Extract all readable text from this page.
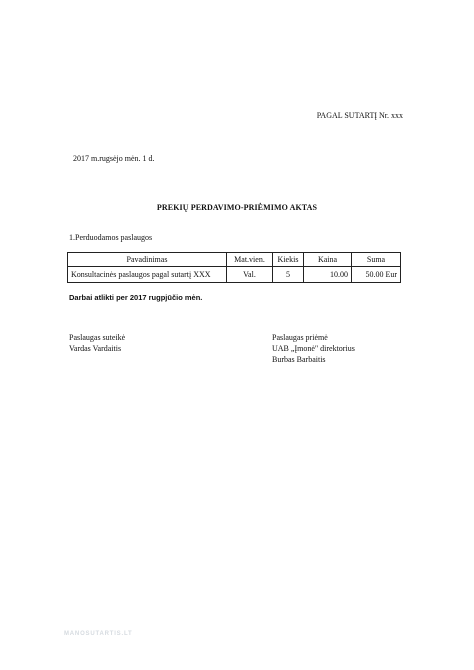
PAGAL SUTARTĮ Nr. xxx
2017 m.rugsėjo mėn. 1 d.
PREKIŲ PERDAVIMO-PRIĖMIMO AKTAS
1.Perduodamos paslaugos
Pavadinimas	Mat.vien.	Kiekis	Kaina	Suma
Konsultacinės paslaugos pagal sutartį XXX	Val.	5	10.00	50.00 Eur
Darbai atlikti per 2017 rugpjūčio mėn.
Paslaugas suteikė
Vardas Vardaitis
Paslaugas priėmė
UAB „Įmonė" direktorius
Burbas Barbaitis
MANOSUTARTIS.LT
